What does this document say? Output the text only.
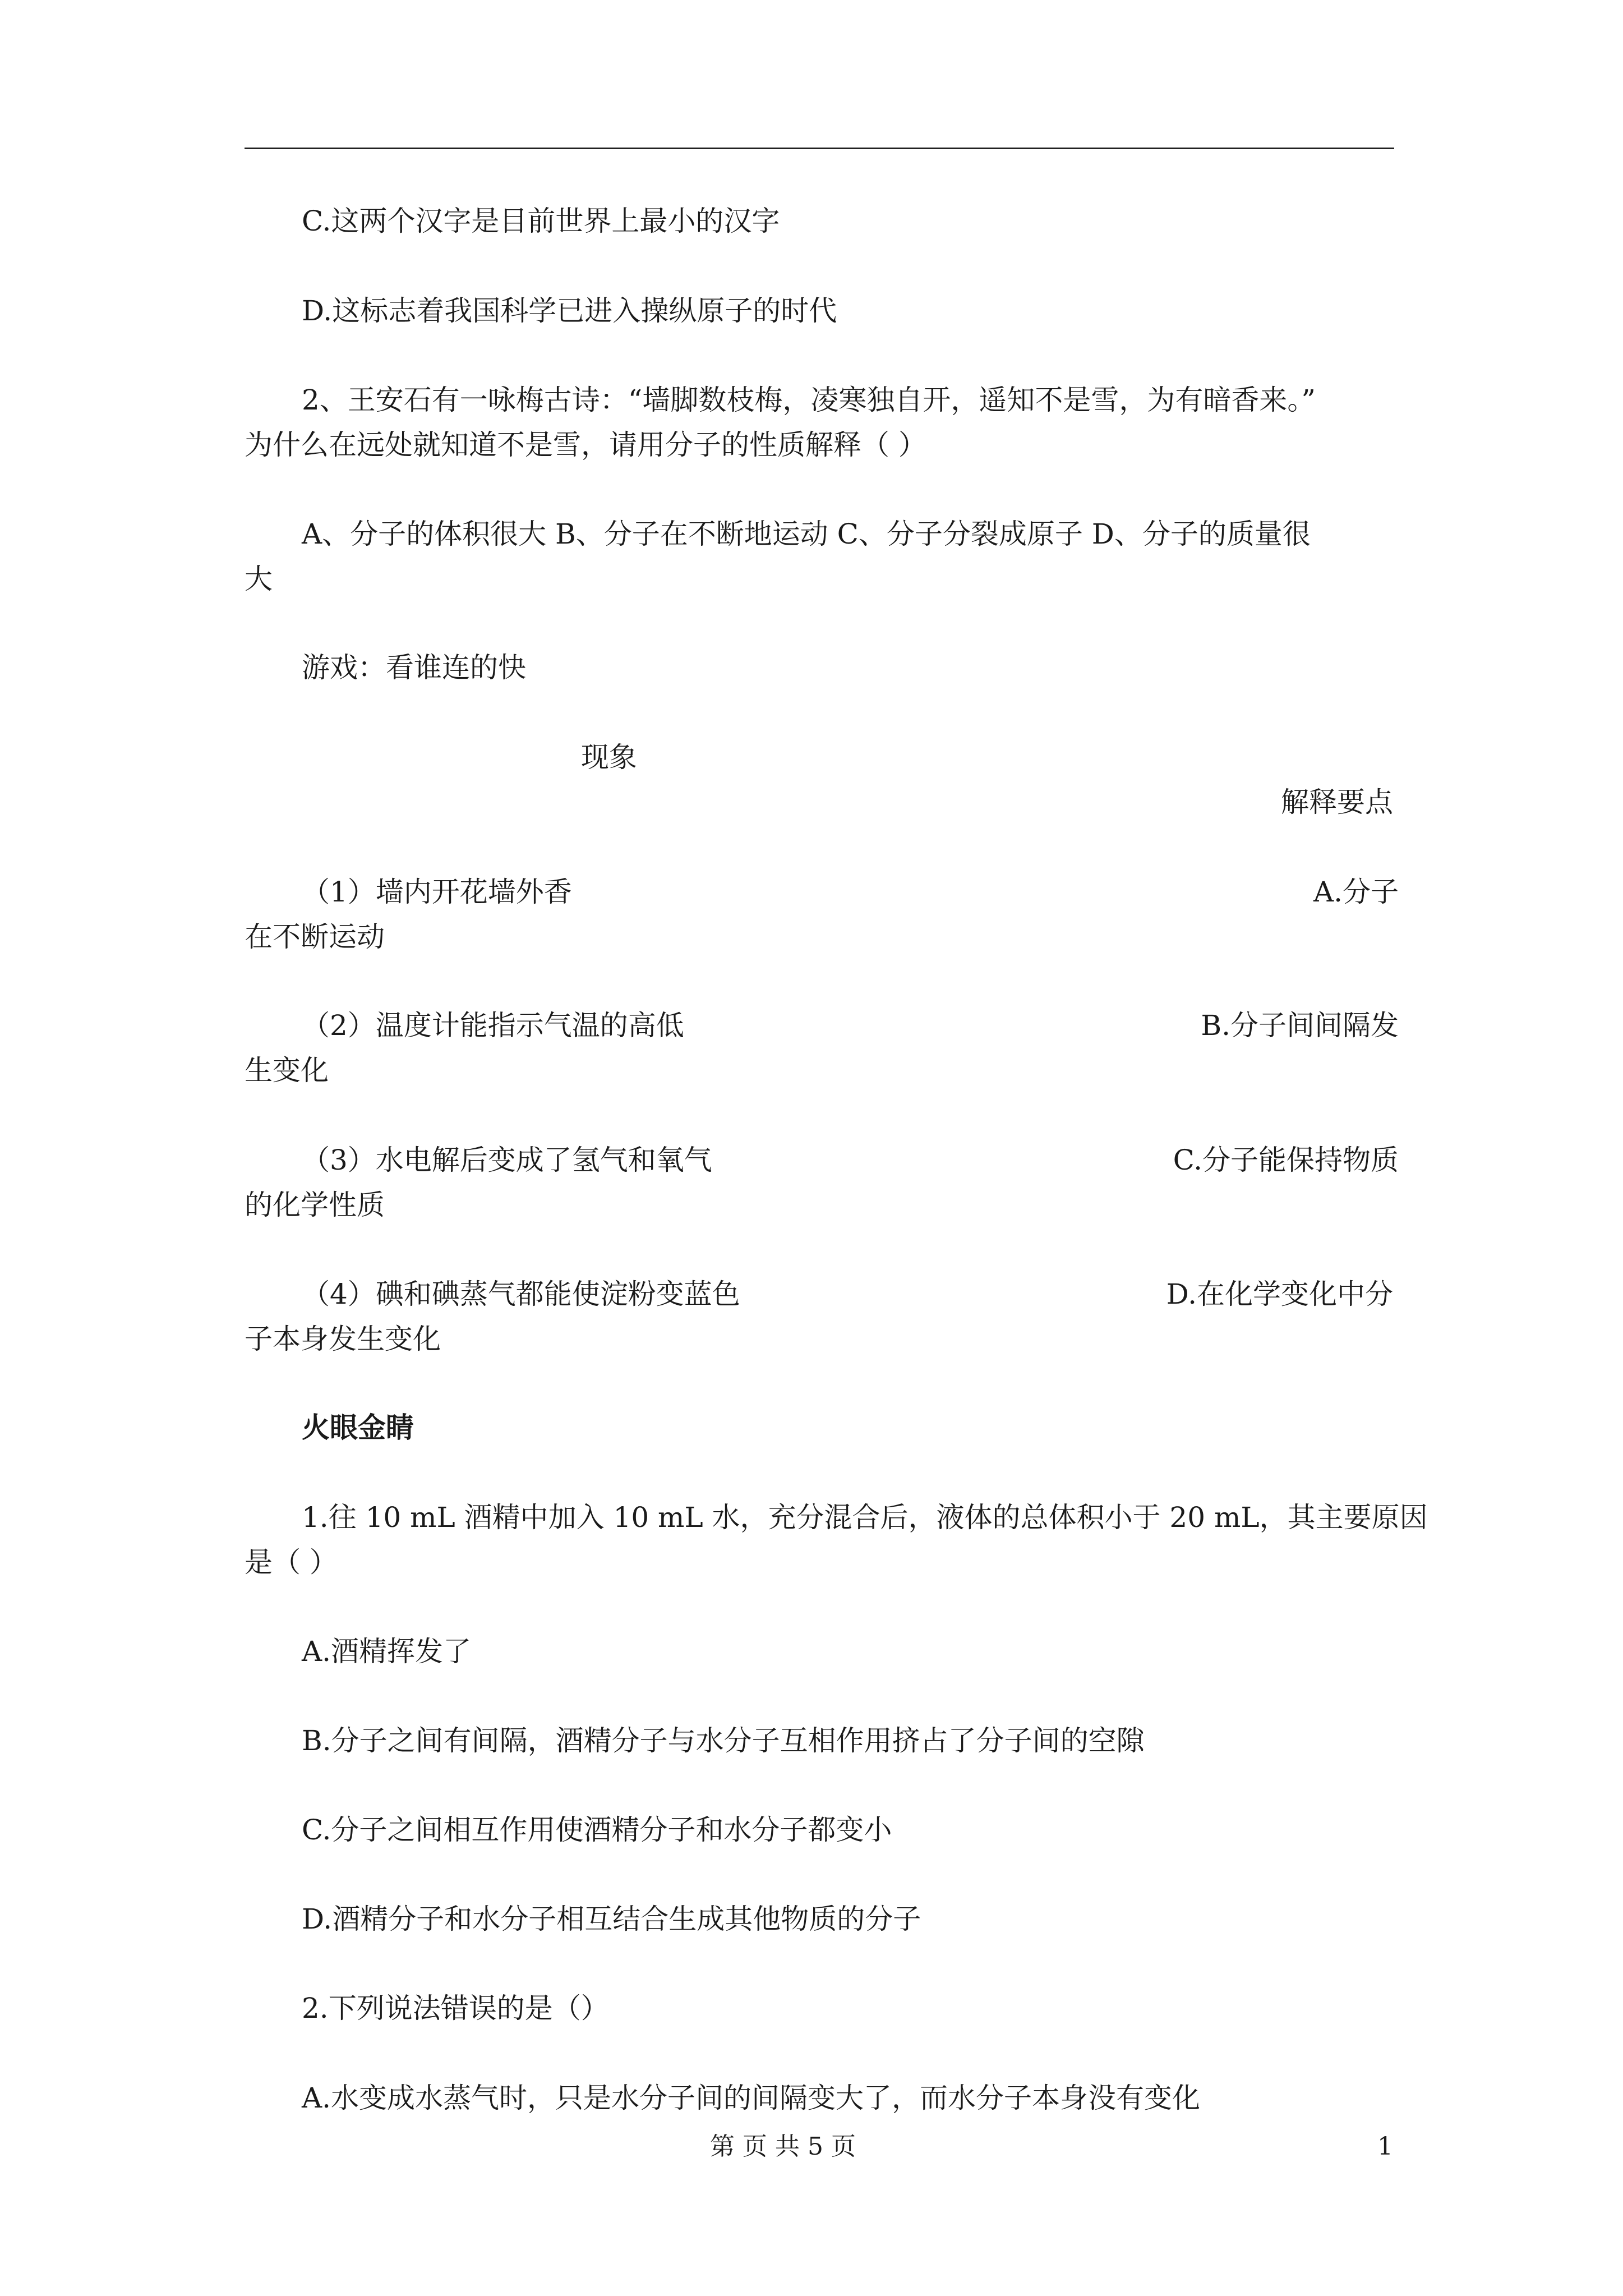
C.这两个汉字是目前世界上最小的汉字
D.这标志着我国科学已进入操纵原子的时代
2、王安石有一咏梅古诗：“墙脚数枝梅，凌寒独自开，遥知不是雪，为有暗香来。”
为什么在远处就知道不是雪，请用分子的性质解释（ ）
A、分子的体积很大 B、分子在不断地运动 C、分子分裂成原子 D、分子的质量很
大
游戏：看谁连的快
现象
解释要点
（1）墙内开花墙外香	A.分子
在不断运动
（2）温度计能指示气温的高低	B.分子间间隔发
生变化
（3）水电解后变成了氢气和氧气	C.分子能保持物质
的化学性质
（4）碘和碘蒸气都能使淀粉变蓝色	D.在化学变化中分
子本身发生变化
火眼金睛
1.往 10 mL 酒精中加入 10 mL 水，充分混合后，液体的总体积小于 20 mL，其主要原因
是（ ）
A.酒精挥发了
B.分子之间有间隔，酒精分子与水分子互相作用挤占了分子间的空隙
C.分子之间相互作用使酒精分子和水分子都变小
D.酒精分子和水分子相互结合生成其他物质的分子
2.下列说法错误的是（）
A.水变成水蒸气时，只是水分子间的间隔变大了，而水分子本身没有变化
第 页 共 5 页	1
